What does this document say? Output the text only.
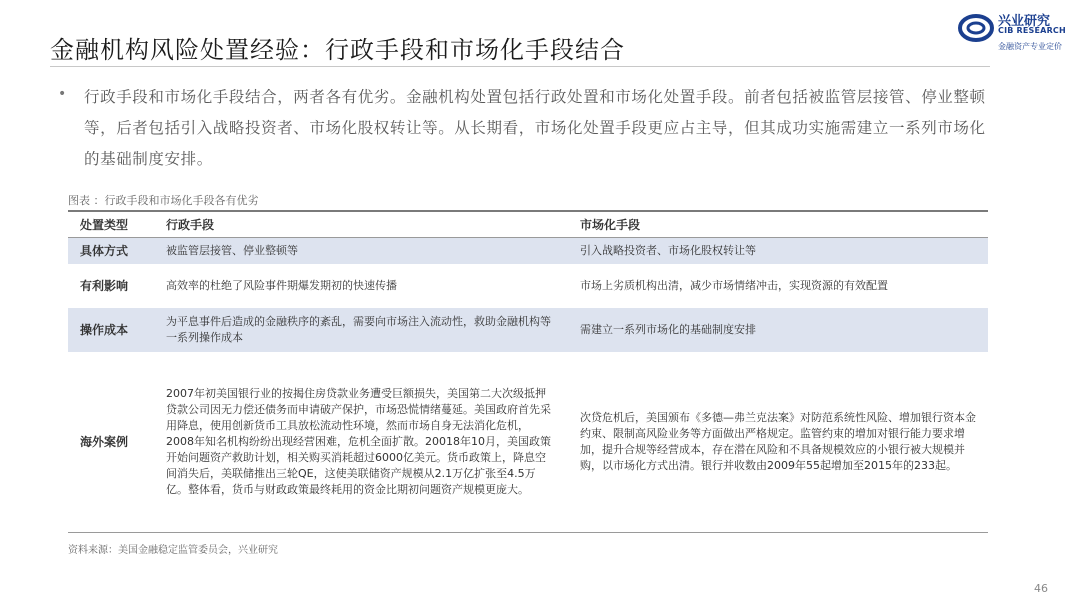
金融机构风险处置经验：行政手段和市场化手段结合
兴业研究
CIB RESEARCH
金融资产专业定价
• 行政手段和市场化手段结合，两者各有优劣。金融机构处置包括行政处置和市场化处置手段。前者包括被监管层接管、停业整顿等，后者包括引入战略投资者、市场化股权转让等。从长期看，市场化处置手段更应占主导，但其成功实施需建立一系列市场化的基础制度安排。
图表 ：行政手段和市场化手段各有优劣
处置类型	行政手段	市场化手段
具体方式	被监管层接管、停业整顿等	引入战略投资者、市场化股权转让等
有利影响	高效率的杜绝了风险事件期爆发期初的快速传播	市场上劣质机构出清，减少市场情绪冲击，实现资源的有效配置
操作成本	为平息事件后造成的金融秩序的紊乱，需要向市场注入流动性，救助金融机构等一系列操作成本	需建立一系列市场化的基础制度安排
海外案例	2007年初美国银行业的按揭住房贷款业务遭受巨额损失，美国第二大次级抵押贷款公司因无力偿还债务而申请破产保护，市场恐慌情绪蔓延。美国政府首先采用降息，使用创新货币工具放松流动性环境，然而市场自身无法消化危机，2008年知名机构纷纷出现经营困难，危机全面扩散。20018年10月，美国政策开始问题资产救助计划，相关购买消耗超过6000亿美元。货币政策上，降息空间消失后，美联储推出三轮QE，这使美联储资产规模从2.1万亿扩张至4.5万亿。整体看，货币与财政政策最终耗用的资金比期初问题资产规模更庞大。	次贷危机后，美国颁布《多德—弗兰克法案》对防范系统性风险、增加银行资本金约束、限制高风险业务等方面做出严格规定。监管约束的增加对银行能力要求增加，提升合规等经营成本，存在潜在风险和不具备规模效应的小银行被大规模并购，以市场化方式出清。银行并收数由2009年55起增加至2015年的233起。
资料来源：美国金融稳定监管委员会，兴业研究
46
